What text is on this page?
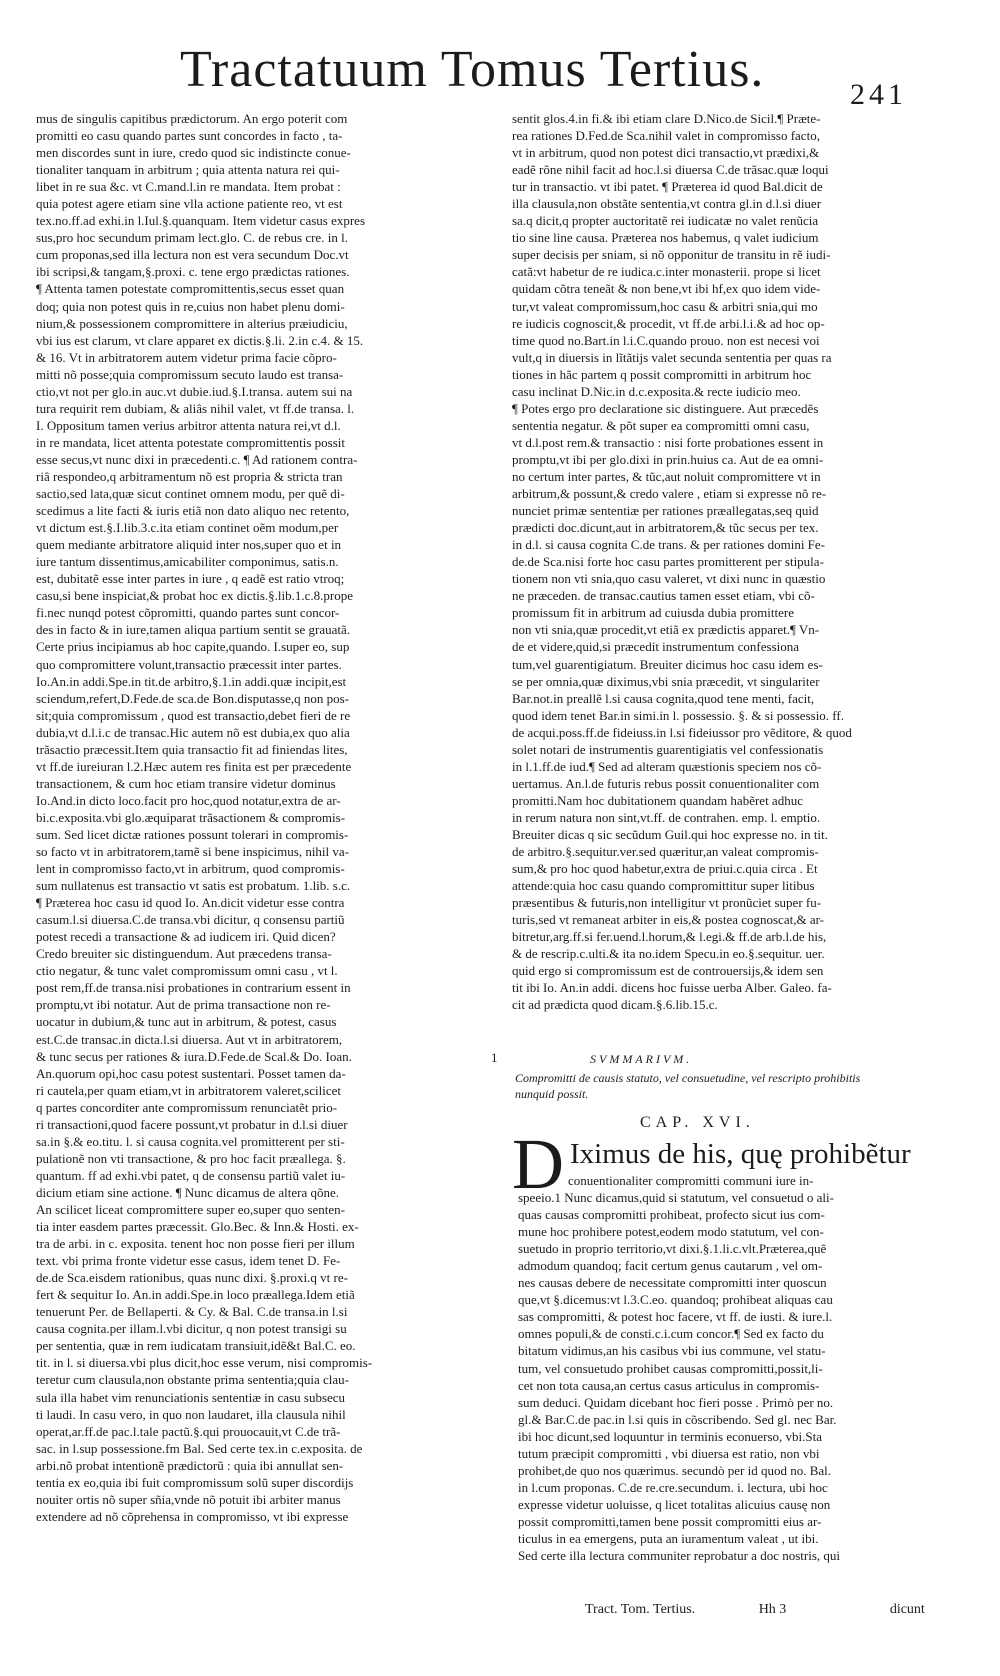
Tractatuum Tomus Tertius.	241
mus de singulis capitibus prædictorum. An ergo poterit com
promitti eo casu quando partes sunt concordes in facto , ta-
men discordes sunt in iure, credo quod sic indistincte conue-
tionaliter tanquam in arbitrum ; quia attenta natura rei qui-
libet in re sua &c. vt C.mand.l.in re mandata. Item probat :
quia potest agere etiam sine vlla actione patiente reo, vt est
tex.no.ff.ad exhi.in l.Iul.§.quanquam. Item videtur casus expres
sus,pro hoc secundum primam lect.glo. C. de rebus cre. in l.
cum proponas,sed illa lectura non est vera secundum Doc.vt
ibi scripsi,& tangam,§.proxi. c. tene ergo prædictas rationes.
¶ Attenta tamen potestate compromittentis,secus esset quan
doq; quia non potest quis in re,cuius non habet plenu domi-
nium,& possessionem compromittere in alterius præiudiciu,
vbi ius est clarum, vt clare apparet ex dictis.§.li. 2.in c.4. & 15.
& 16. Vt in arbitratorem autem videtur prima facie cõpro-
mitti nõ posse;quia compromissum secuto laudo est transa-
ctio,vt not per glo.in auc.vt dubie.iud.§.I.transa. autem sui na
tura requirit rem dubiam, & aliâs nihil valet, vt ff.de transa. l.
I. Oppositum tamen verius arbitror attenta natura rei,vt d.l.
in re mandata, licet attenta potestate compromittentis possit
esse secus,vt nunc dixi in præcedenti.c. ¶ Ad rationem contra-
riâ respondeo,q arbitramentum nõ est propria & stricta tran
sactio,sed lata,quæ sicut continet omnem modu, per quẽ di-
scedimus a lite facti & iuris etiã non dato aliquo nec retento,
vt dictum est.§.I.lib.3.c.ita etiam continet oẽm modum,per
quem mediante arbitratore aliquid inter nos,super quo et in
iure tantum dissentimus,amicabiliter componimus, satis.n.
est, dubitatẽ esse inter partes in iure , q eadẽ est ratio vtroq;
casu,si bene inspiciat,& probat hoc ex dictis.§.lib.1.c.8.prope
fi.nec nunqd potest cõpromitti, quando partes sunt concor-
des in facto & in iure,tamen aliqua partium sentit se grauatã.
Certe prius incipiamus ab hoc capite,quando. I.super eo, sup
quo compromittere volunt,transactio præcessit inter partes.
Io.An.in addi.Spe.in tit.de arbitro,§.1.in addi.quæ incipit,est
sciendum,refert,D.Fede.de sca.de Bon.disputasse,q non pos-
sit;quia compromissum , quod est transactio,debet fieri de re
dubia,vt d.l.i.c de transac.Hic autem nõ est dubia,ex quo alia
trãsactio præcessit.Item quia transactio fit ad finiendas lites,
vt ff.de iureiuran l.2.Hæc autem res finita est per præcedente
transactionem, & cum hoc etiam transire videtur dominus
Io.And.in dicto loco.facit pro hoc,quod notatur,extra de ar-
bi.c.exposita.vbi glo.æquiparat trãsactionem & compromis-
sum. Sed licet dictæ rationes possunt tolerari in compromis-
so facto vt in arbitratorem,tamẽ si bene inspicimus, nihil va-
lent in compromisso facto,vt in arbitrum, quod compromis-
sum nullatenus est transactio vt satis est probatum. 1.lib. s.c.
¶ Præterea hoc casu id quod Io. An.dicit videtur esse contra
casum.l.si diuersa.C.de transa.vbi dicitur, q consensu partiũ
potest recedi a transactione & ad iudicem iri. Quid dicen?
Credo breuiter sic distinguendum. Aut præcedens transa-
ctio negatur, & tunc valet compromissum omni casu , vt l.
post rem,ff.de transa.nisi probationes in contrarium essent in
promptu,vt ibi notatur. Aut de prima transactione non re-
uocatur in dubium,& tunc aut in arbitrum, & potest, casus
est.C.de transac.in dicta.l.si diuersa. Aut vt in arbitratorem,
& tunc secus per rationes & iura.D.Fede.de Scal.& Do. Ioan.
An.quorum opi,hoc casu potest sustentari. Posset tamen da-
ri cautela,per quam etiam,vt in arbitratorem valeret,scilicet
q partes concorditer ante compromissum renunciatẽt prio-
ri transactioni,quod facere possunt,vt probatur in d.l.si diuer
sa.in §.& eo.titu. l. si causa cognita.vel promitterent per sti-
pulationẽ non vti transactione, & pro hoc facit præallega. §.
quantum. ff ad exhi.vbi patet, q de consensu partiũ valet iu-
dicium etiam sine actione. ¶ Nunc dicamus de altera qõne.
An scilicet liceat compromittere super eo,super quo senten-
tia inter easdem partes præcessit. Glo.Bec. & Inn.& Hosti. ex-
tra de arbi. in c. exposita. tenent hoc non posse fieri per illum
text. vbi prima fronte videtur esse casus, idem tenet D. Fe-
de.de Sca.eisdem rationibus, quas nunc dixi. §.proxi.q vt re-
fert & sequitur Io. An.in addi.Spe.in loco præallega.Idem etiã
tenuerunt Per. de Bellaperti. & Cy. & Bal. C.de transa.in l.si
causa cognita.per illam.l.vbi dicitur, q non potest transigi su
per sententia, quæ in rem iudicatam transiuit,idẽ&t Bal.C. eo.
tit. in l. si diuersa.vbi plus dicit,hoc esse verum, nisi compromis-
teretur cum clausula,non obstante prima sententia;quia clau-
sula illa habet vim renunciationis sententiæ in casu subsecu
ti laudi. In casu vero, in quo non laudaret, illa clausula nihil
operat,ar.ff.de pac.l.tale pactũ.§.qui prouocauit,vt C.de trã-
sac. in l.sup possessione.fm Bal. Sed certe tex.in c.exposita. de
arbi.nõ probat intentionẽ prædictorũ : quia ibi annullat sen-
tentia ex eo,quia ibi fuit compromissum solũ super discordijs
nouiter ortis nõ super sñia,vnde nõ potuit ibi arbiter manus
extendere ad nõ cõprehensa in compromisso, vt ibi expresse
sentit glos.4.in fi.& ibi etiam clare D.Nico.de Sicil.¶ Præte-
rea rationes D.Fed.de Sca.nihil valet in compromisso facto,
vt in arbitrum, quod non potest dici transactio,vt prædixi,&
eadẽ rõne nihil facit ad hoc.l.si diuersa C.de trãsac.quæ loqui
tur in transactio. vt ibi patet. ¶ Præterea id quod Bal.dicit de
illa clausula,non obstãte sententia,vt contra gl.in d.l.si diuer
sa.q dicit,q propter auctoritatẽ rei iudicatæ no valet renũcia
tio sine line causa. Præterea nos habemus, q valet iudicium
super decisis per sniam, si nõ opponitur de transitu in rẽ iudi-
catã:vt habetur de re iudica.c.inter monasterii. prope si licet
quidam cõtra teneãt & non bene,vt ibi hf,ex quo idem vide-
tur,vt valeat compromissum,hoc casu & arbitri snia,qui mo
re iudicis cognoscit,& procedit, vt ff.de arbi.l.i.& ad hoc op-
time quod no.Bart.in l.i.C.quando prouo. non est necesi voi
vult,q in diuersis in lĩtãtijs valet secunda sententia per quas ra
tiones in hãc partem q possit compromitti in arbitrum hoc
casu inclinat D.Nic.in d.c.exposita.& recte iudicio meo.
¶ Potes ergo pro declaratione sic distinguere. Aut præcedẽs
sententia negatur. & põt super ea compromitti omni casu,
vt d.l.post rem.& transactio : nisi forte probationes essent in
promptu,vt ibi per glo.dixi in prin.huius ca. Aut de ea omni-
no certum inter partes, & tũc,aut noluit compromittere vt in
arbitrum,& possunt,& credo valere , etiam si expresse nõ re-
nunciet primæ sententiæ per rationes præallegatas,seq quid
prædicti doc.dicunt,aut in arbitratorem,& tũc secus per tex.
in d.l. si causa cognita C.de trans. & per rationes domini Fe-
de.de Sca.nisi forte hoc casu partes promitterent per stipula-
tionem non vti snia,quo casu valeret, vt dixi nunc in quæstio
ne præceden. de transac.cautius tamen esset etiam, vbi cõ-
promissum fit in arbitrum ad cuiusda dubia promittere
non vti snia,quæ procedit,vt etiã ex prædictis apparet.¶ Vn-
de et videre,quid,si præcedit instrumentum confessiona
tum,vel guarentigiatum. Breuiter dicimus hoc casu idem es-
se per omnia,quæ diximus,vbi snia præcedit, vt singulariter
Bar.not.in preallẽ l.si causa cognita,quod tene menti, facit,
quod idem tenet Bar.in simi.in l. possessio. §. & si possessio. ff.
de acqui.poss.ff.de fideiuss.in l.si fideiussor pro vẽditore, & quod
solet notari de instrumentis guarentigiatis vel confessionatis
in l.1.ff.de iud.¶ Sed ad alteram quæstionis speciem nos cõ-
uertamus. An.l.de futuris rebus possit conuentionaliter com
promitti.Nam hoc dubitationem quandam habẽret adhuc
in rerum natura non sint,vt.ff. de contrahen. emp. l. emptio.
Breuiter dicas q sic secũdum Guil.qui hoc expresse no. in tit.
de arbitro.§.sequitur.ver.sed quæritur,an valeat compromis-
sum,& pro hoc quod habetur,extra de priui.c.quia circa . Et
attende:quia hoc casu quando compromittitur super litibus
præsentibus & futuris,non intelligitur vt pronũciet super fu-
turis,sed vt remaneat arbiter in eis,& postea cognoscat,& ar-
bitretur,arg.ff.si fer.uend.l.horum,& l.egi.& ff.de arb.l.de his,
& de rescrip.c.ulti.& ita no.idem Specu.in eo.§.sequitur. uer.
quid ergo si compromissum est de controuersijs,& idem sen
tit ibi Io. An.in addi. dicens hoc fuisse uerba Alber. Galeo. fa-
cit ad prædicta quod dicam.§.6.lib.15.c.
1	SVMMARIVM.
Compromitti de causis statuto, vel consuetudine, vel rescripto prohibitis
nunquid possit.
CAP. XVI.
D Iximus de his, quę prohibẽtur
conuentionaliter compromitti communi iure in-
speeio.1 Nunc dicamus,quid si statutum, vel consuetud o ali-
quas causas compromitti prohibeat, profecto sicut ius com-
mune hoc prohibere potest,eodem modo statutum, vel con-
suetudo in proprio territorio,vt dixi.§.1.li.c.vlt.Præterea,quẽ
admodum quandoq; facit certum genus cautarum , vel om-
nes causas debere de necessitate compromitti inter quoscun
que,vt §.dicemus:vt l.3.C.eo. quandoq; prohibeat aliquas cau
sas compromitti, & potest hoc facere, vt ff. de iusti. & iure.l.
omnes populi,& de consti.c.i.cum concor.¶ Sed ex facto du
bitatum vidimus,an his casibus vbi ius commune, vel statu-
tum, vel consuetudo prohibet causas compromitti,possit,li-
cet non tota causa,an certus casus articulus in compromis-
sum deduci. Quidam dicebant hoc fieri posse . Primò per no.
gl.& Bar.C.de pac.in l.si quis in cõscribendo. Sed gl. nec Bar.
ibi hoc dicunt,sed loquuntur in terminis econuerso, vbi.Sta
tutum præcipit compromitti , vbi diuersa est ratio, non vbi
prohibet,de quo nos quærimus. secundò per id quod no. Bal.
in l.cum proponas. C.de re.cre.secundum. i. lectura, ubi hoc
expresse videtur uoluisse, q licet totalitas alicuius causę non
possit compromitti,tamen bene possit compromitti eius ar-
ticulus in ea emergens, puta an iuramentum valeat , ut ibi.
Sed certe illa lectura communiter reprobatur a doc nostris, qui
Tract. Tom. Tertius.	Hh 3	dicunt
